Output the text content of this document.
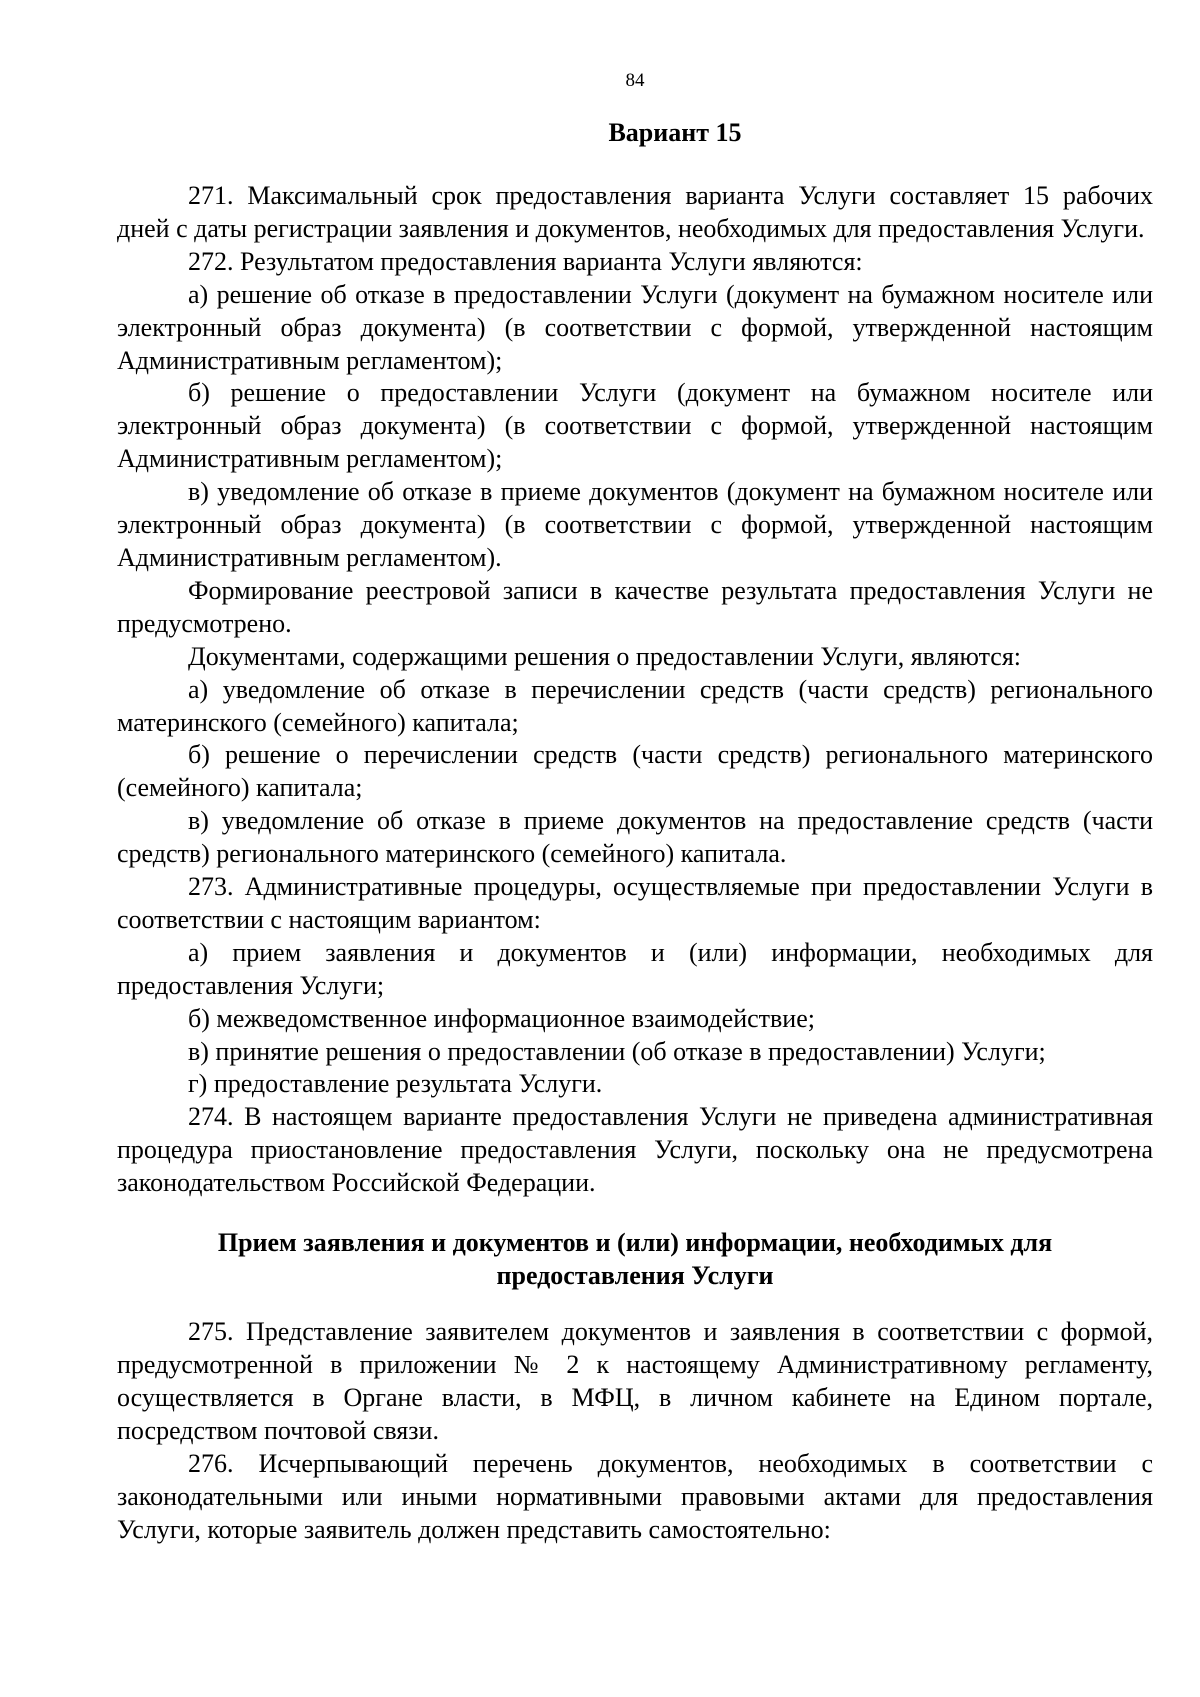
84
Вариант 15

271. Максимальный срок предоставления варианта Услуги составляет 15 рабочих дней с даты регистрации заявления и документов, необходимых для предоставления Услуги.

272. Результатом предоставления варианта Услуги являются:

а) решение об отказе в предоставлении Услуги (документ на бумажном носителе или электронный образ документа) (в соответствии с формой, утвержденной настоящим Административным регламентом);

б) решение о предоставлении Услуги (документ на бумажном носителе или электронный образ документа) (в соответствии с формой, утвержденной настоящим Административным регламентом);

в) уведомление об отказе в приеме документов (документ на бумажном носителе или электронный образ документа) (в соответствии с формой, утвержденной настоящим Административным регламентом).

Формирование реестровой записи в качестве результата предоставления Услуги не предусмотрено.

Документами, содержащими решения о предоставлении Услуги, являются:

а) уведомление об отказе в перечислении средств (части средств) регионального материнского (семейного) капитала;

б) решение о перечислении средств (части средств) регионального материнского (семейного) капитала;

в) уведомление об отказе в приеме документов на предоставление средств (части средств) регионального материнского (семейного) капитала.

273. Административные процедуры, осуществляемые при предоставлении Услуги в соответствии с настоящим вариантом:

а) прием заявления и документов и (или) информации, необходимых для предоставления Услуги;

б) межведомственное информационное взаимодействие;

в) принятие решения о предоставлении (об отказе в предоставлении) Услуги;

г) предоставление результата Услуги.

274. В настоящем варианте предоставления Услуги не приведена административная процедура приостановление предоставления Услуги, поскольку она не предусмотрена законодательством Российской Федерации.

Прием заявления и документов и (или) информации, необходимых для
предоставления Услуги

275. Представление заявителем документов и заявления в соответствии с формой, предусмотренной в приложении № 2 к настоящему Административному регламенту, осуществляется в Органе власти, в МФЦ, в личном кабинете на Едином портале, посредством почтовой связи.

276. Исчерпывающий перечень документов, необходимых в соответствии с законодательными или иными нормативными правовыми актами для предоставления Услуги, которые заявитель должен представить самостоятельно:
